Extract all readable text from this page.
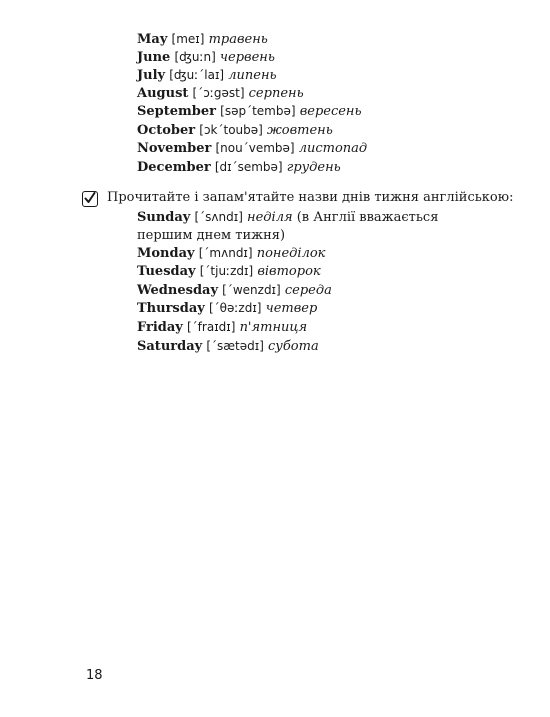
May [meɪ] травень
June [ʤuːn] червень
July [ʤuː΄laɪ] липень
August [΄ɔːgəst] серпень
September [səp΄tembə] вересень
October [ɔk΄toubə] жовтень
November [nou΄vembə] листопад
December [dɪ΄sembə] грудень
Прочитайте і запам'ятайте назви днів тижня англійською:
Sunday [΄sʌndɪ] неділя (в Англії вважається першим днем тижня)
Monday [΄mʌndɪ] понеділок
Tuesday [΄tjuːzdɪ] вівторок
Wednesday [΄wenzdɪ] середа
Thursday [΄θəːzdɪ] четвер
Friday [΄fraɪdɪ] п'ятниця
Saturday [΄sætədɪ] субота
18
